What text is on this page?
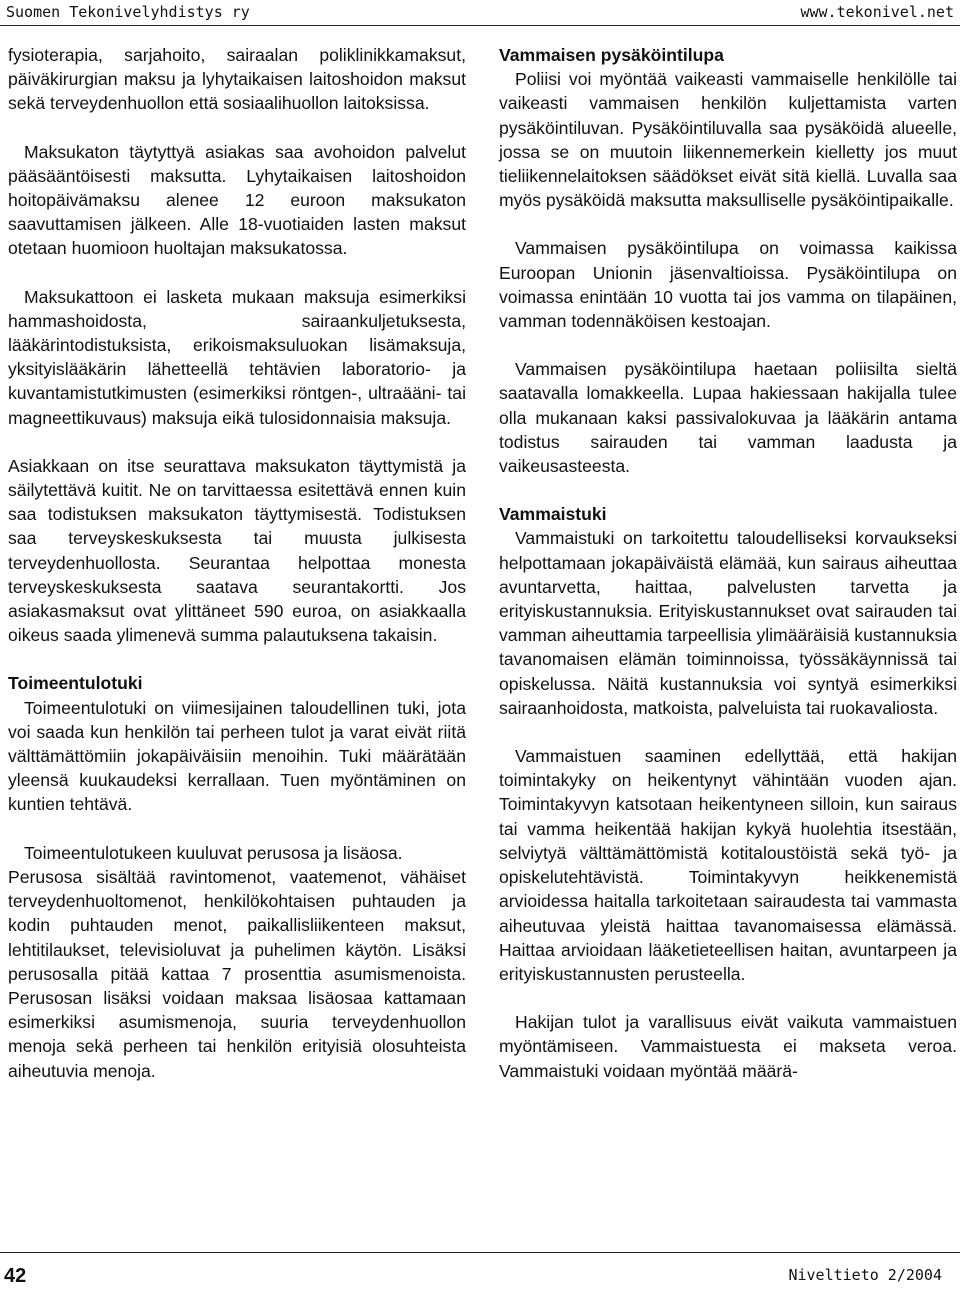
Suomen Tekonivelyhdistys ry	www.tekonivel.net

fysioterapia, sarjahoito, sairaalan poliklinikkamaksut, päiväkirurgian maksu ja lyhytaikaisen laitoshoidon maksut sekä terveydenhuollon että sosiaalihuollon laitoksissa.

Maksukaton täytyttyä asiakas saa avohoidon palvelut pääsääntöisesti maksutta. Lyhytaikaisen laitoshoidon hoitopäivämaksu alenee 12 euroon maksukaton saavuttamisen jälkeen. Alle 18-vuotiaiden lasten maksut otetaan huomioon huoltajan maksukatossa.

Maksukattoon ei lasketa mukaan maksuja esimerkiksi hammashoidosta, sairaankuljetuksesta, lääkärintodistuksista, erikoismaksuluokan lisämaksuja, yksityislääkärin lähetteellä tehtävien laboratorio- ja kuvantamistutkimusten (esimerkiksi röntgen-, ultraääni- tai magneettikuvaus) maksuja eikä tulosidonnaisia maksuja.

Asiakkaan on itse seurattava maksukaton täyttymistä ja säilytettävä kuitit. Ne on tarvittaessa esitettävä ennen kuin saa todistuksen maksukaton täyttymisestä. Todistuksen saa terveyskeskuksesta tai muusta julkisesta terveydenhuollosta. Seurantaa helpottaa monesta terveyskeskuksesta saatava seurantakortti. Jos asiakasmaksut ovat ylittäneet 590 euroa, on asiakkaalla oikeus saada ylimenevä summa palautuksena takaisin.

Toimeentulotuki

Toimeentulotuki on viimesijainen taloudellinen tuki, jota voi saada kun henkilön tai perheen tulot ja varat eivät riitä välttämättömiin jokapäiväisiin menoihin. Tuki määrätään yleensä kuukaudeksi kerrallaan. Tuen myöntäminen on kuntien tehtävä.

Toimeentulotukeen kuuluvat perusosa ja lisäosa.

Perusosa sisältää ravintomenot, vaatemenot, vähäiset terveydenhuoltomenot, henkilökohtaisen puhtauden ja kodin puhtauden menot, paikallisliikenteen maksut, lehtitilaukset, televisioluvat ja puhelimen käytön. Lisäksi perusosalla pitää kattaa 7 prosenttia asumismenoista. Perusosan lisäksi voidaan maksaa lisäosaa kattamaan esimerkiksi asumismenoja, suuria terveydenhuollon menoja sekä perheen tai henkilön erityisiä olosuhteista aiheutuvia menoja.

Vammaisen pysäköintilupa

Poliisi voi myöntää vaikeasti vammaiselle henkilölle tai vaikeasti vammaisen henkilön kuljettamista varten pysäköintiluvan. Pysäköintiluvalla saa pysäköidä alueelle, jossa se on muutoin liikennemerkein kielletty jos muut tieliikennelaitoksen säädökset eivät sitä kiellä. Luvalla saa myös pysäköidä maksutta maksulliselle pysäköintipaikalle.

Vammaisen pysäköintilupa on voimassa kaikissa Euroopan Unionin jäsenvaltioissa. Pysäköintilupa on voimassa enintään 10 vuotta tai jos vamma on tilapäinen, vamman todennäköisen kestoajan.

Vammaisen pysäköintilupa haetaan poliisilta sieltä saatavalla lomakkeella. Lupaa hakiessaan hakijalla tulee olla mukanaan kaksi passivalokuvaa ja lääkärin antama todistus sairauden tai vamman laadusta ja vaikeusasteesta.

Vammaistuki

Vammaistuki on tarkoitettu taloudelliseksi korvaukseksi helpottamaan jokapäiväistä elämää, kun sairaus aiheuttaa avuntarvetta, haittaa, palvelusten tarvetta ja erityiskustannuksia. Erityiskustannukset ovat sairauden tai vamman aiheuttamia tarpeellisia ylimääräisiä kustannuksia tavanomaisen elämän toiminnoissa, työssäkäynnissä tai opiskelussa. Näitä kustannuksia voi syntyä esimerkiksi sairaanhoidosta, matkoista, palveluista tai ruokavaliosta.

Vammaistuen saaminen edellyttää, että hakijan toimintakyky on heikentynyt vähintään vuoden ajan. Toimintakyvyn katsotaan heikentyneen silloin, kun sairaus tai vamma heikentää hakijan kykyä huolehtia itsestään, selviytyä välttämättömistä kotitaloustöistä sekä työ- ja opiskelutehtävistä. Toimintakyvyn heikkenemistä arvioidessa haitalla tarkoitetaan sairaudesta tai vammasta aiheutuvaa yleistä haittaa tavanomaisessa elämässä. Haittaa arvioidaan lääketieteellisen haitan, avuntarpeen ja erityiskustannusten perusteella.

Hakijan tulot ja varallisuus eivät vaikuta vammaistuen myöntämiseen. Vammaistuesta ei makseta veroa. Vammaistuki voidaan myöntää määrä-

42	Niveltieto 2/2004
